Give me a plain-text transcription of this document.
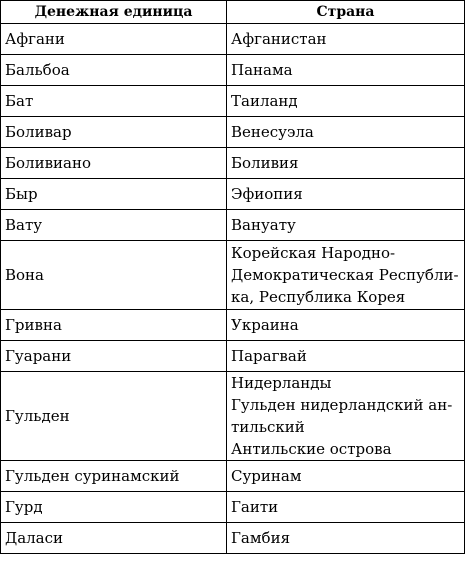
Денежная единица	Страна
Афгани	Афганистан

Бальбоа	Панама

Бат	Таиланд

Боливар	Венесуэла

Боливиано	Боливия

Быр	Эфиопия

Вату	Вануату

Вона	Корейская Народно-
Демократическая Республи-
ка, Республика Корея

Гривна	Украина

Гуарани	Парагвай

Гульден	Нидерланды
Гульден нидерландский ан-
тильский
Антильские острова

Гульден суринамский	Суринам

Гурд	Гаити

Даласи	Гамбия
